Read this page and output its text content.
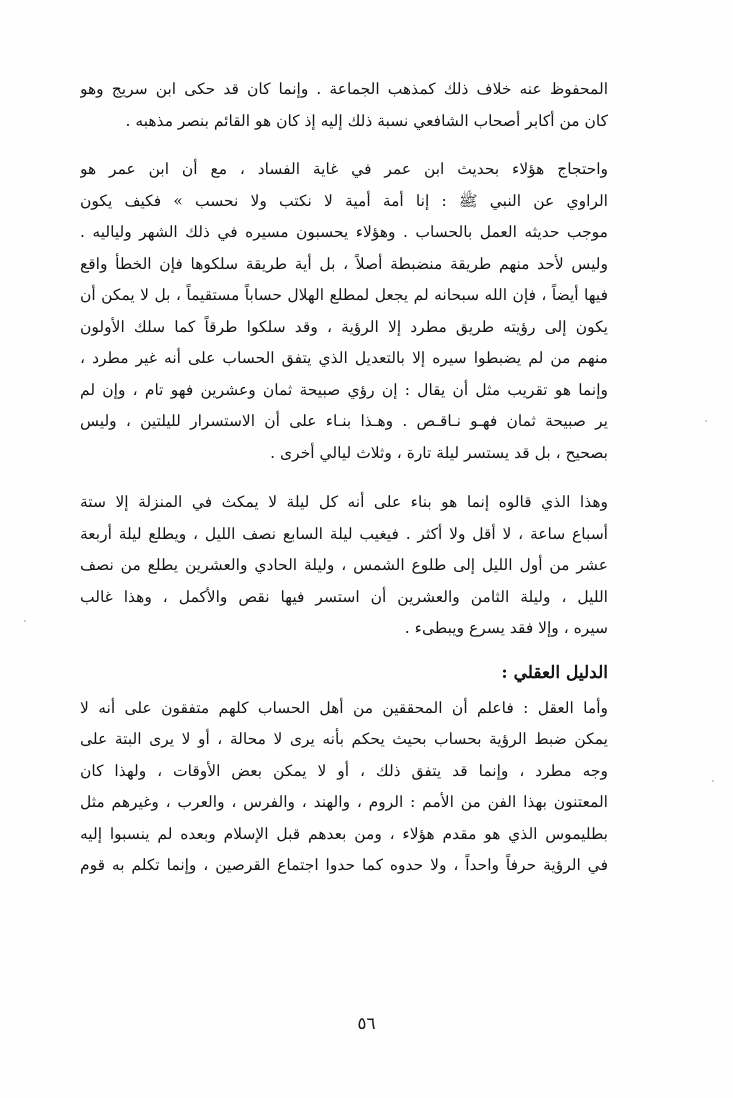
المحفوظ عنه خلاف ذلك كمذهب الجماعة . وإنما كان قد حكى ابن سريج وهو
كان من أكابر أصحاب الشافعي نسبة ذلك إليه إذ كان هو القائم بنصر مذهبه .
واحتجاج هؤلاء بحديث ابن عمر في غاية الفساد ، مع أن ابن عمر هو
الراوي عن النبي ﷺ : إنا أمة أمية لا نكتب ولا نحسب » فكيف يكون
موجب حديثه العمل بالحساب . وهؤلاء يحسبون مسيره في ذلك الشهر ولياليه .
وليس لأحد منهم طريقة منضبطة أصلاً ، بل أية طريقة سلكوها فإن الخطأ واقع
فيها أيضاً ، فإن الله سبحانه لم يجعل لمطلع الهلال حساباً مستقيماً ، بل لا يمكن أن
يكون إلى رؤيته طريق مطرد إلا الرؤية ، وقد سلكوا طرقاً كما سلك الأولون
منهم من لم يضبطوا سيره إلا بالتعديل الذي يتفق الحساب على أنه غير مطرد ،
وإنما هو تقريب مثل أن يقال : إن رؤي صبيحة ثمان وعشرين فهو تام ، وإن لم
ير صبيحة ثمان فهـو نـاقـص . وهـذا بنـاء على أن الاستسرار لليلتين ، وليس
بصحيح ، بل قد يستسر ليلة تارة ، وثلاث ليالي أخرى .
وهذا الذي قالوه إنما هو بناء على أنه كل ليلة لا يمكث في المنزلة إلا ستة
أسباع ساعة ، لا أقل ولا أكثر . فيغيب ليلة السابع نصف الليل ، ويطلع ليلة أربعة
عشر من أول الليل إلى طلوع الشمس ، وليلة الحادي والعشرين يطلع من نصف
الليل ، وليلة الثامن والعشرين أن استسر فيها نقص والأكمل ، وهذا غالب
سيره ، وإلا فقد يسرع ويبطىء .
الدليل العقلي :
وأما العقل : فاعلم أن المحققين من أهل الحساب كلهم متفقون على أنه لا
يمكن ضبط الرؤية بحساب بحيث يحكم بأنه يرى لا محالة ، أو لا يرى البتة على
وجه مطرد ، وإنما قد يتفق ذلك ، أو لا يمكن بعض الأوقات ، ولهذا كان
المعتنون بهذا الفن من الأمم : الروم ، والهند ، والفرس ، والعرب ، وغيرهم مثل
بطليموس الذي هو مقدم هؤلاء ، ومن بعدهم قبل الإسلام وبعده لم ينسبوا إليه
في الرؤية حرفاً واحداً ، ولا حدوه كما حدوا اجتماع القرصين ، وإنما تكلم به قوم
٥٦
